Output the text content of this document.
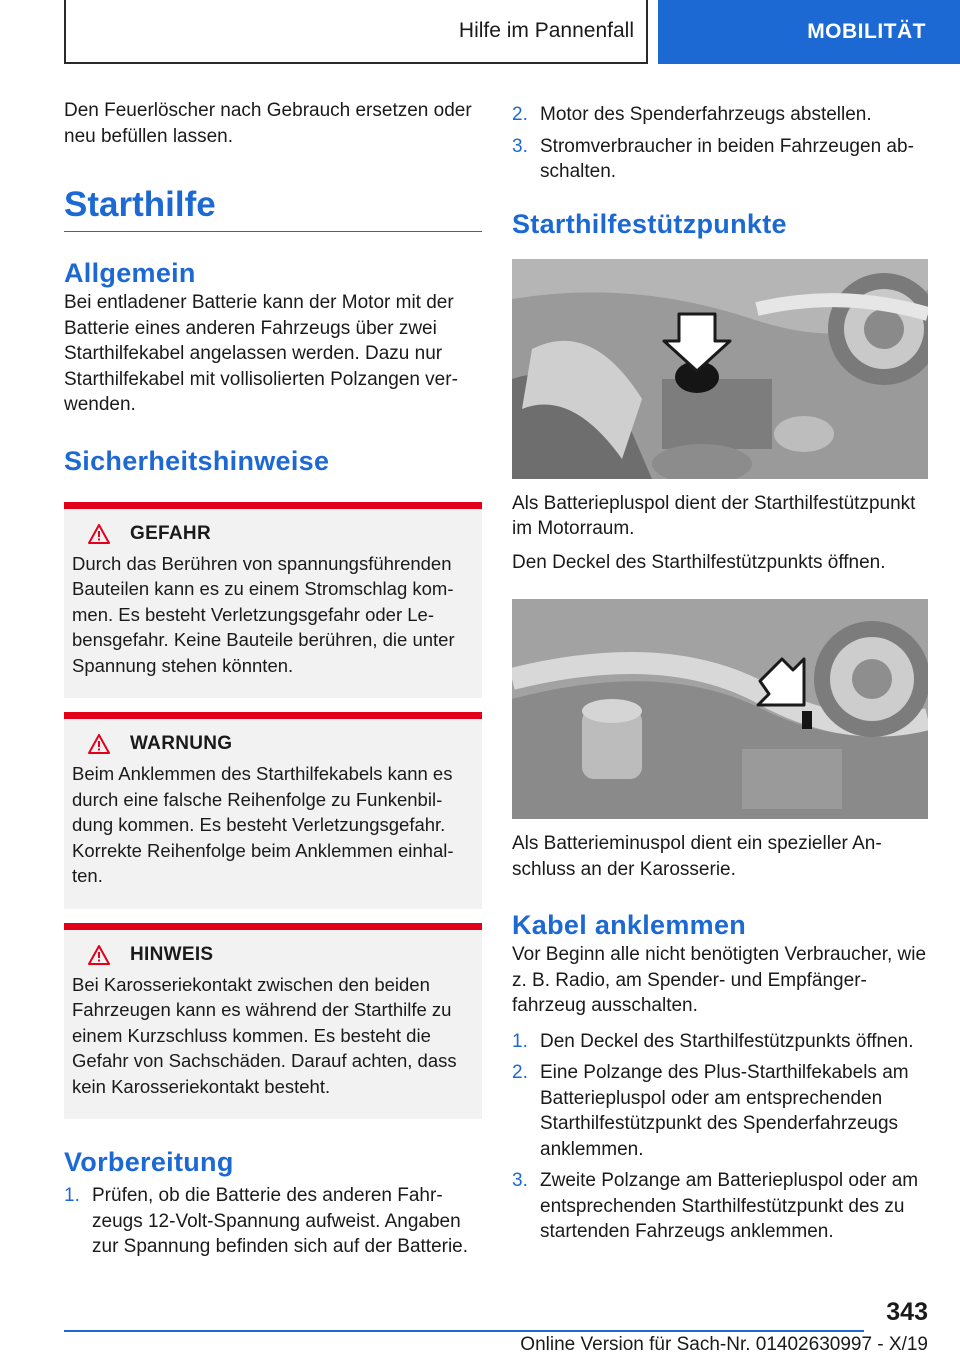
Hilfe im Pannenfall	MOBILITÄT

Den Feuerlöscher nach Gebrauch ersetzen oder neu befüllen lassen.

Starthilfe
Allgemein

Bei entladener Batterie kann der Motor mit der Batterie eines anderen Fahrzeugs über zwei Starthilfekabel angelassen werden. Dazu nur Starthilfekabel mit vollisolierten Polzangen verwenden.

Sicherheitshinweise
GEFAHR

Durch das Berühren von spannungsführenden Bauteilen kann es zu einem Stromschlag kommen. Es besteht Verletzungsgefahr oder Lebensgefahr. Keine Bauteile berühren, die unter Spannung stehen könnten.

WARNUNG

Beim Anklemmen des Starthilfekabels kann es durch eine falsche Reihenfolge zu Funkenbildung kommen. Es besteht Verletzungsgefahr. Korrekte Reihenfolge beim Anklemmen einhalten.

HINWEIS

Bei Karosseriekontakt zwischen den beiden Fahrzeugen kann es während der Starthilfe zu einem Kurzschluss kommen. Es besteht die Gefahr von Sachschäden. Darauf achten, dass kein Karosseriekontakt besteht.

Vorbereitung
1. Prüfen, ob die Batterie des anderen Fahrzeugs 12-Volt-Spannung aufweist. Angaben zur Spannung befinden sich auf der Batterie.
2. Motor des Spenderfahrzeugs abstellen.
3. Stromverbraucher in beiden Fahrzeugen abschalten.
Starthilfestützpunkte

Als Batteriepluspol dient der Starthilfestützpunkt im Motorraum.

Den Deckel des Starthilfestützpunkts öffnen.

Als Batterieminuspol dient ein spezieller Anschluss an der Karosserie.

Kabel anklemmen

Vor Beginn alle nicht benötigten Verbraucher, wie z. B. Radio, am Spender- und Empfängerfahrzeug ausschalten.

1. Den Deckel des Starthilfestützpunkts öffnen.
2. Eine Polzange des Plus-Starthilfekabels am Batteriepluspol oder am entsprechenden Starthilfestützpunkt des Spenderfahrzeugs anklemmen.
3. Zweite Polzange am Batteriepluspol oder am entsprechenden Starthilfestützpunkt des zu startenden Fahrzeugs anklemmen.
343
Online Version für Sach-Nr. 01402630997 - X/19
